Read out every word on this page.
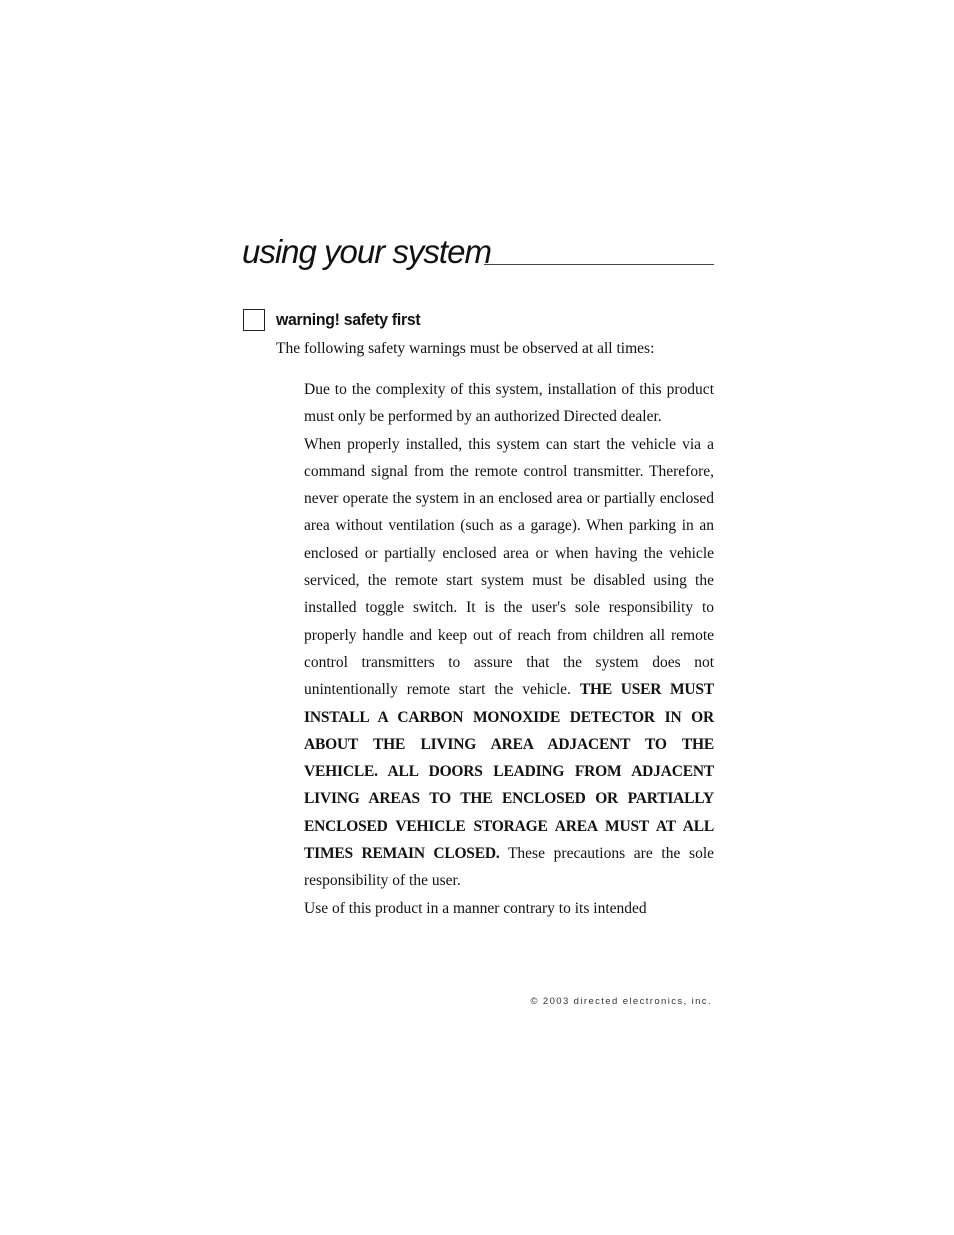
using your system
warning! safety first

The following safety warnings must be observed at all times:

Due to the complexity of this system, installation of this product must only be performed by an authorized Directed dealer.

When properly installed, this system can start the vehicle via a command signal from the remote control transmitter. Therefore, never operate the system in an enclosed area or partially enclosed area without ventilation (such as a garage). When parking in an enclosed or partially enclosed area or when having the vehicle serviced, the remote start system must be disabled using the installed toggle switch. It is the user's sole responsibility to properly handle and keep out of reach from children all remote control transmitters to assure that the system does not unintentionally remote start the vehicle. THE USER MUST INSTALL A CARBON MONOXIDE DETECTOR IN OR ABOUT THE LIVING AREA ADJACENT TO THE VEHICLE. ALL DOORS LEADING FROM ADJACENT LIVING AREAS TO THE ENCLOSED OR PARTIALLY ENCLOSED VEHICLE STORAGE AREA MUST AT ALL TIMES REMAIN CLOSED. These precautions are the sole responsibility of the user.

Use of this product in a manner contrary to its intended

© 2003 directed electronics, inc.
